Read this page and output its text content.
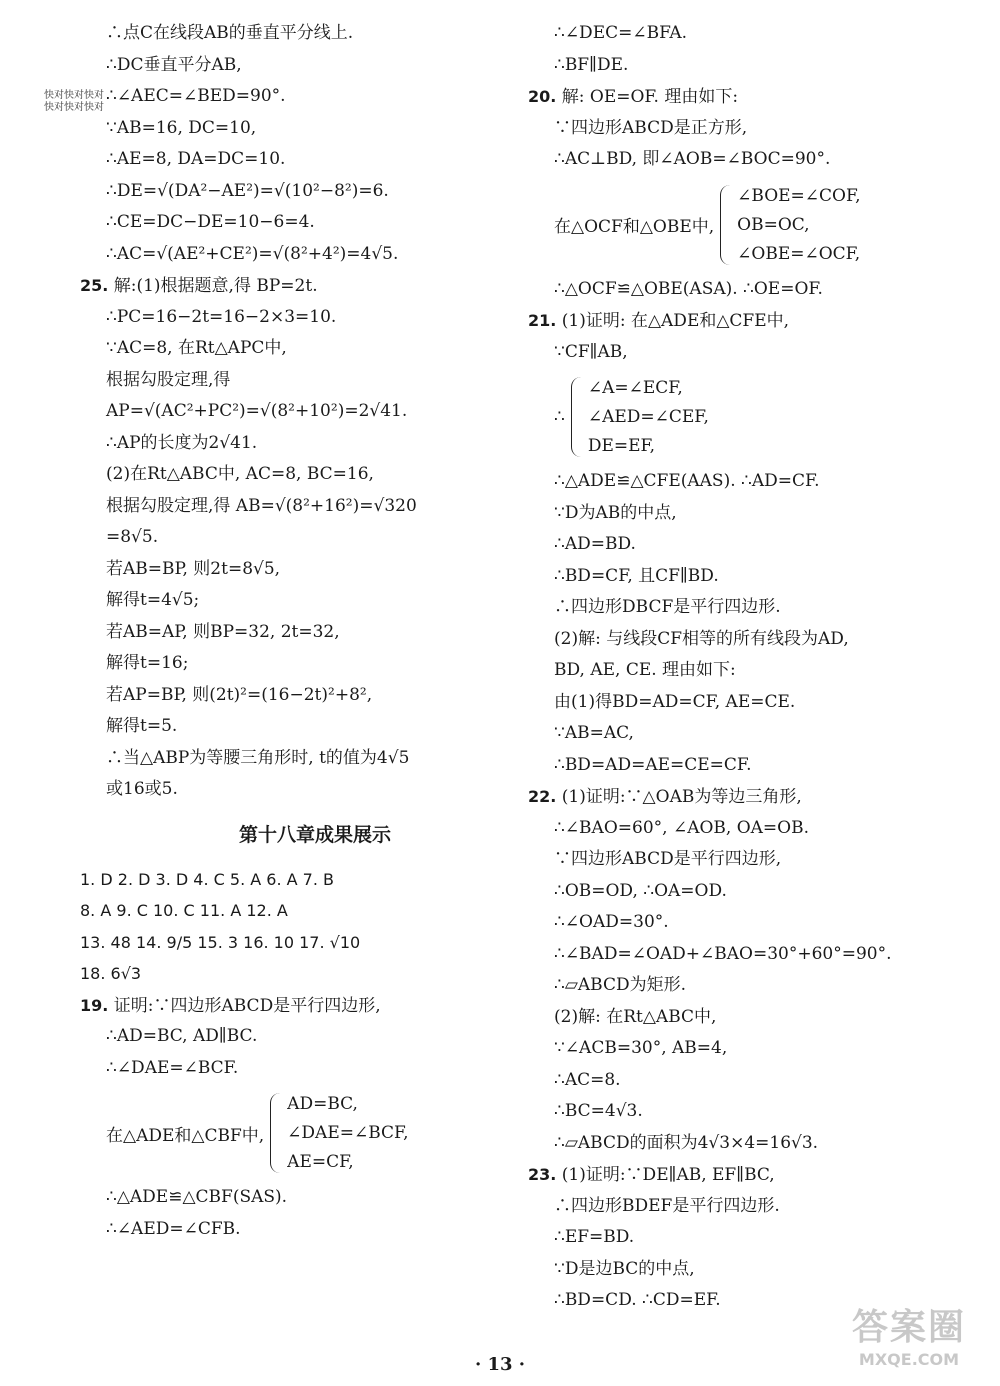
∴点C在线段AB的垂直平分线上.
∴DC垂直平分AB,
∴∠AEC=∠BED=90°.
∵AB=16, DC=10,
∴AE=8, DA=DC=10.
∴DE=√(DA²−AE²)=√(10²−8²)=6.
∴CE=DC−DE=10−6=4.
∴AC=√(AE²+CE²)=√(8²+4²)=4√5.
25. 解:(1)根据题意,得 BP=2t.
∴PC=16−2t=16−2×3=10.
∵AC=8, 在Rt△APC中,
根据勾股定理,得
AP=√(AC²+PC²)=√(8²+10²)=2√41.
∴AP的长度为2√41.
(2)在Rt△ABC中, AC=8, BC=16,
根据勾股定理,得 AB=√(8²+16²)=√320
=8√5.
若AB=BP, 则2t=8√5,
解得t=4√5;
若AB=AP, 则BP=32, 2t=32,
解得t=16;
若AP=BP, 则(2t)²=(16−2t)²+8²,
解得t=5.
∴当△ABP为等腰三角形时, t的值为4√5
或16或5.
第十八章成果展示
1. D 2. D 3. D 4. C 5. A 6. A 7. B
8. A 9. C 10. C 11. A 12. A
13. 48 14. 9/5 15. 3 16. 10 17. √10
18. 6√3
19. 证明:∵四边形ABCD是平行四边形,
∴AD=BC, AD∥BC.
∴∠DAE=∠BCF.
在△ADE和△CBF中,
AD=BC,
∠DAE=∠BCF,
AE=CF,
∴△ADE≌△CBF(SAS).
∴∠AED=∠CFB.
快对快对快对
快对快对快对
∴∠DEC=∠BFA.
∴BF∥DE.
20. 解: OE=OF. 理由如下:
∵四边形ABCD是正方形,
∴AC⊥BD, 即∠AOB=∠BOC=90°.
在△OCF和△OBE中,
∠BOE=∠COF,
OB=OC,
∠OBE=∠OCF,
∴△OCF≌△OBE(ASA). ∴OE=OF.
21. (1)证明: 在△ADE和△CFE中,
∵CF∥AB,
∴
∠A=∠ECF,
∠AED=∠CEF,
DE=EF,
∴△ADE≌△CFE(AAS). ∴AD=CF.
∵D为AB的中点,
∴AD=BD.
∴BD=CF, 且CF∥BD.
∴四边形DBCF是平行四边形.
(2)解: 与线段CF相等的所有线段为AD,
BD, AE, CE. 理由如下:
由(1)得BD=AD=CF, AE=CE.
∵AB=AC,
∴BD=AD=AE=CE=CF.
22. (1)证明:∵△OAB为等边三角形,
∴∠BAO=60°, ∠AOB, OA=OB.
∵四边形ABCD是平行四边形,
∴OB=OD, ∴OA=OD.
∴∠OAD=30°.
∴∠BAD=∠OAD+∠BAO=30°+60°=90°.
∴▱ABCD为矩形.
(2)解: 在Rt△ABC中,
∵∠ACB=30°, AB=4,
∴AC=8.
∴BC=4√3.
∴▱ABCD的面积为4√3×4=16√3.
23. (1)证明:∵DE∥AB, EF∥BC,
∴四边形BDEF是平行四边形.
∴EF=BD.
∵D是边BC的中点,
∴BD=CD. ∴CD=EF.
· 13 ·
答案圈
MXQE.COM
